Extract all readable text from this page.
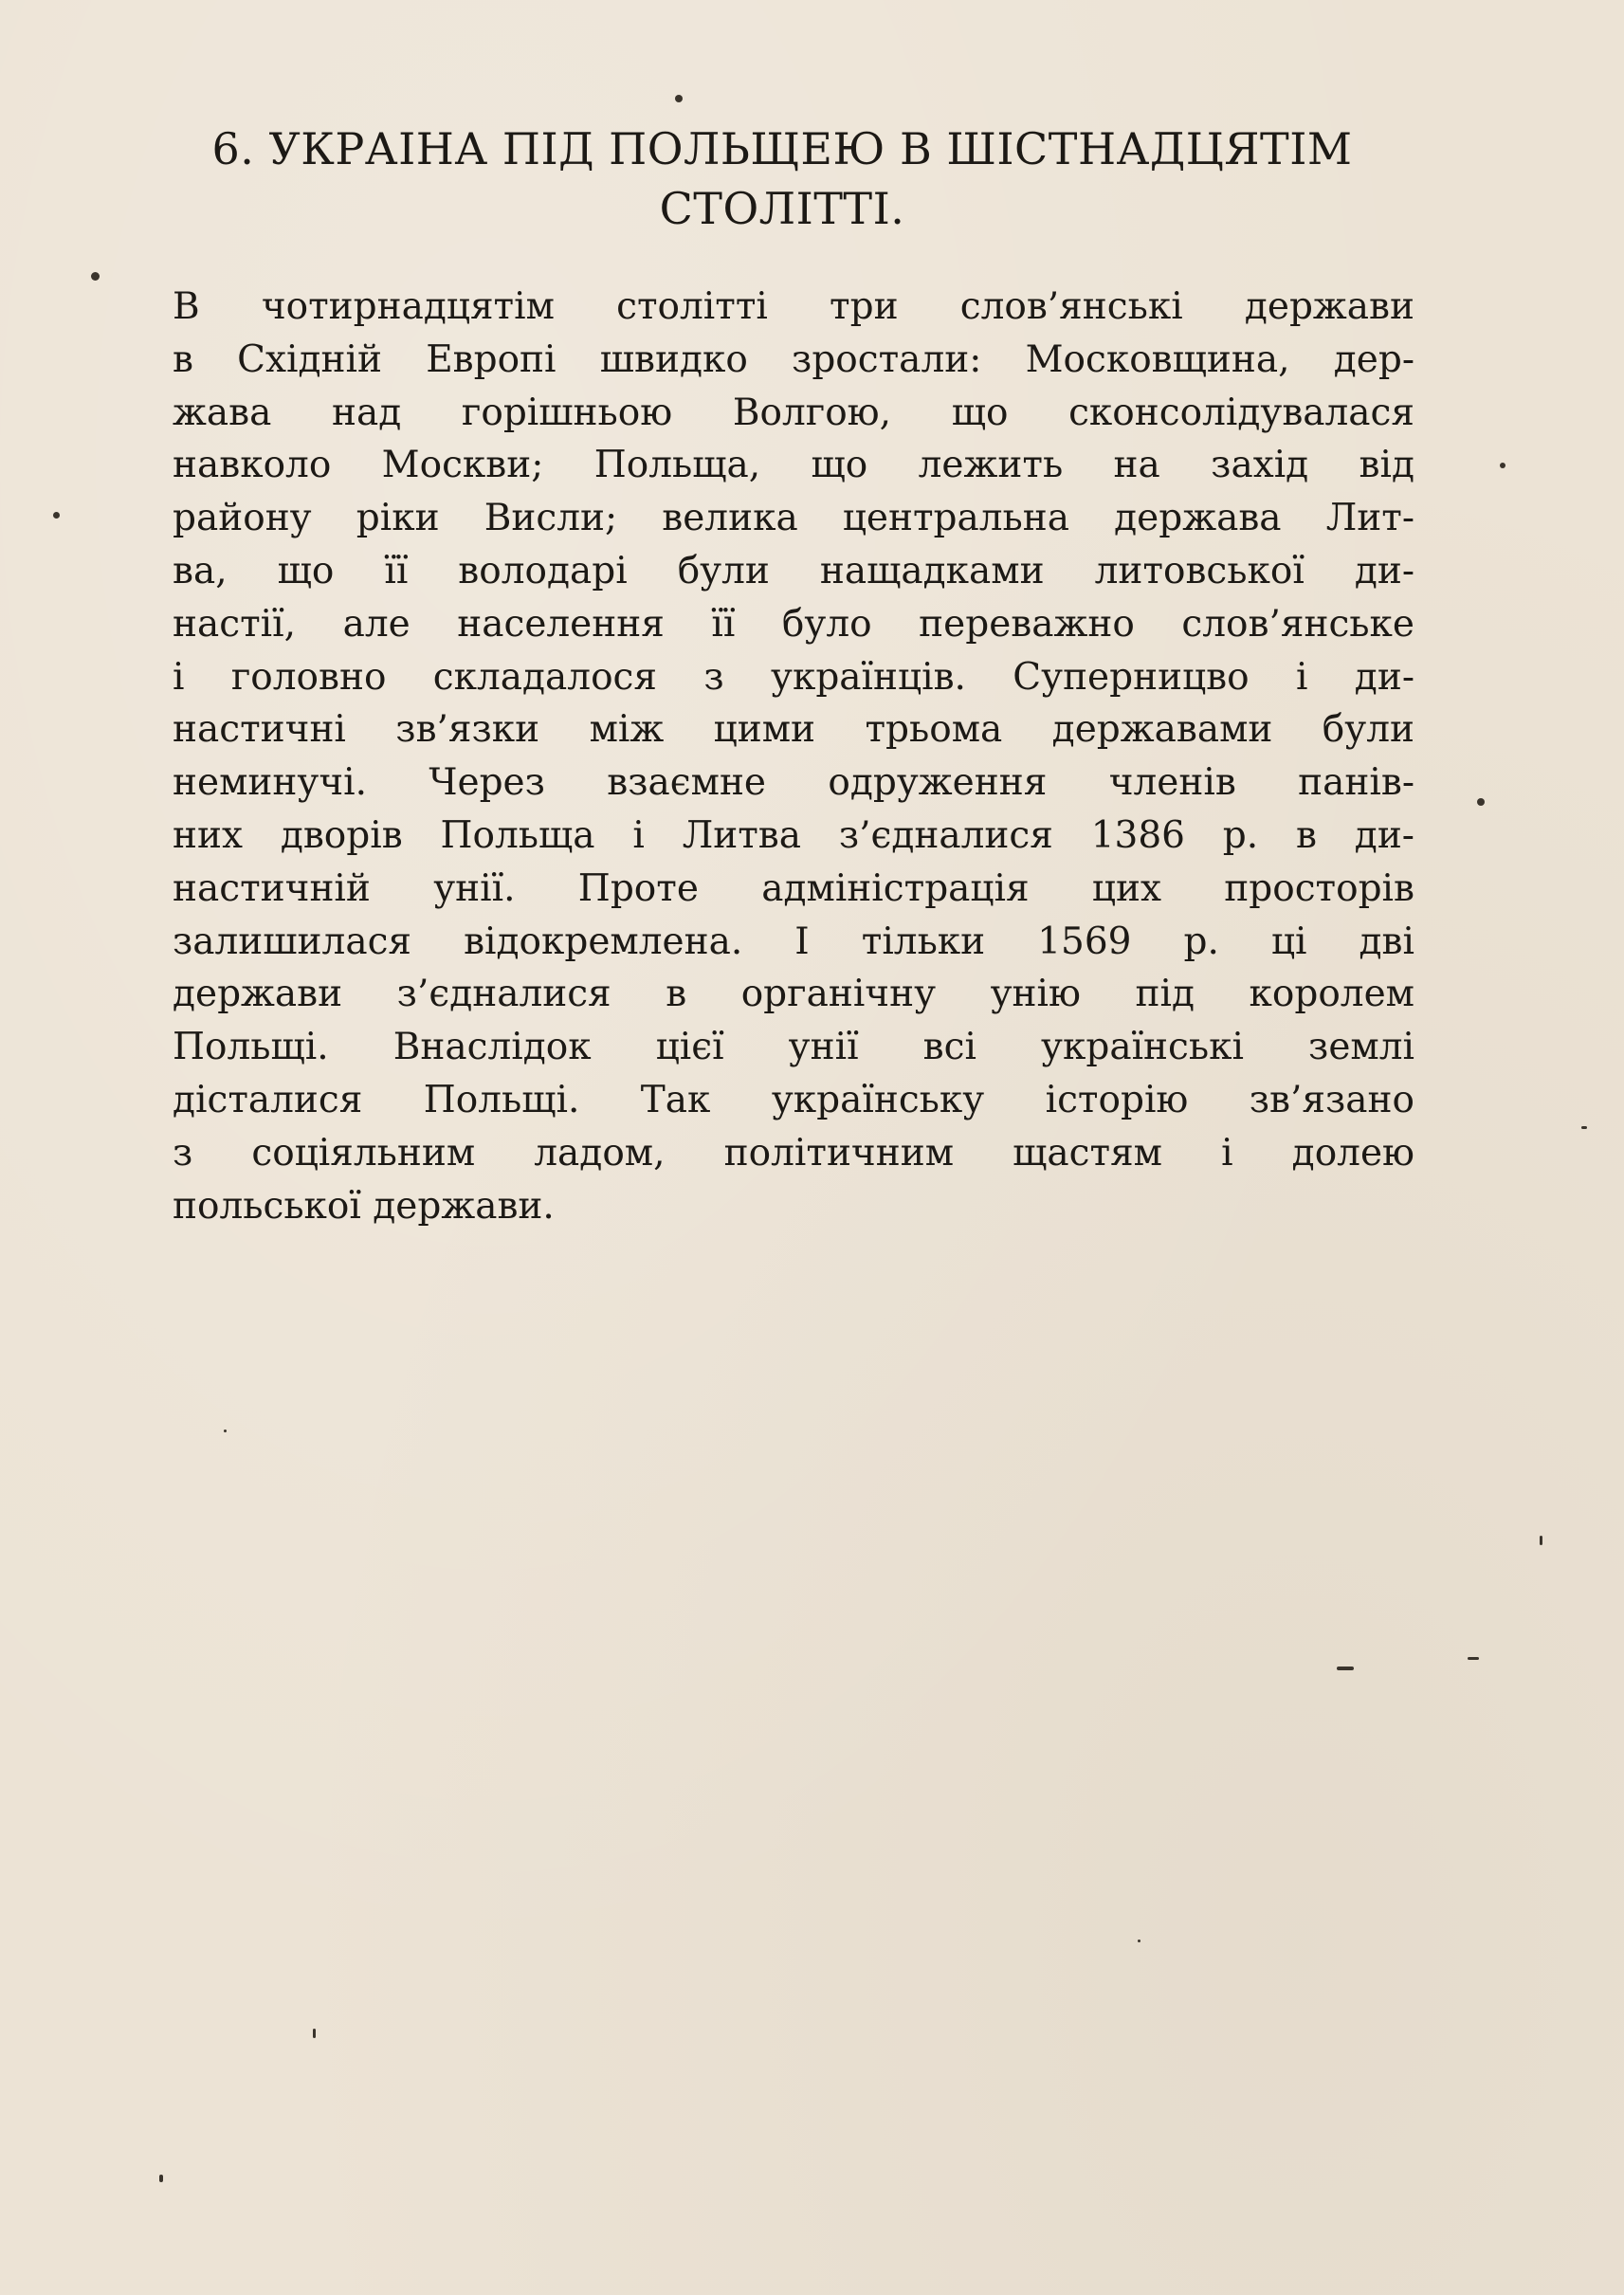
6. УКРАІНА ПІД ПОЛЬЩЕЮ В ШІСТНАДЦЯТІМ
СТОЛІТТІ.
В чотирнадцятім столітті три слов’янські держави
в Східній Европі швидко зростали: Московщина, дер-
жава над горішньою Волгою, що сконсолідувалася
навколо Москви; Польща, що лежить на захід від
району ріки Висли; велика центральна держава Лит-
ва, що її володарі були нащадками литовської ди-
настії, але населення її було переважно слов’янське
і головно складалося з українців. Суперницво і ди-
настичні зв’язки між цими трьома державами були
неминучі. Через взаємне одруження членів панів-
них дворів Польща і Литва з’єдналися 1386 р. в ди-
настичній унії. Проте адміністрація цих просторів
залишилася відокремлена. І тільки 1569 р. ці дві
держави з’єдналися в органічну унію під королем
Польщі. Внаслідок цієї унії всі українські землі
дісталися Польщі. Так українську історію зв’язано
з соціяльним ладом, політичним щастям і долею
польської держави.
